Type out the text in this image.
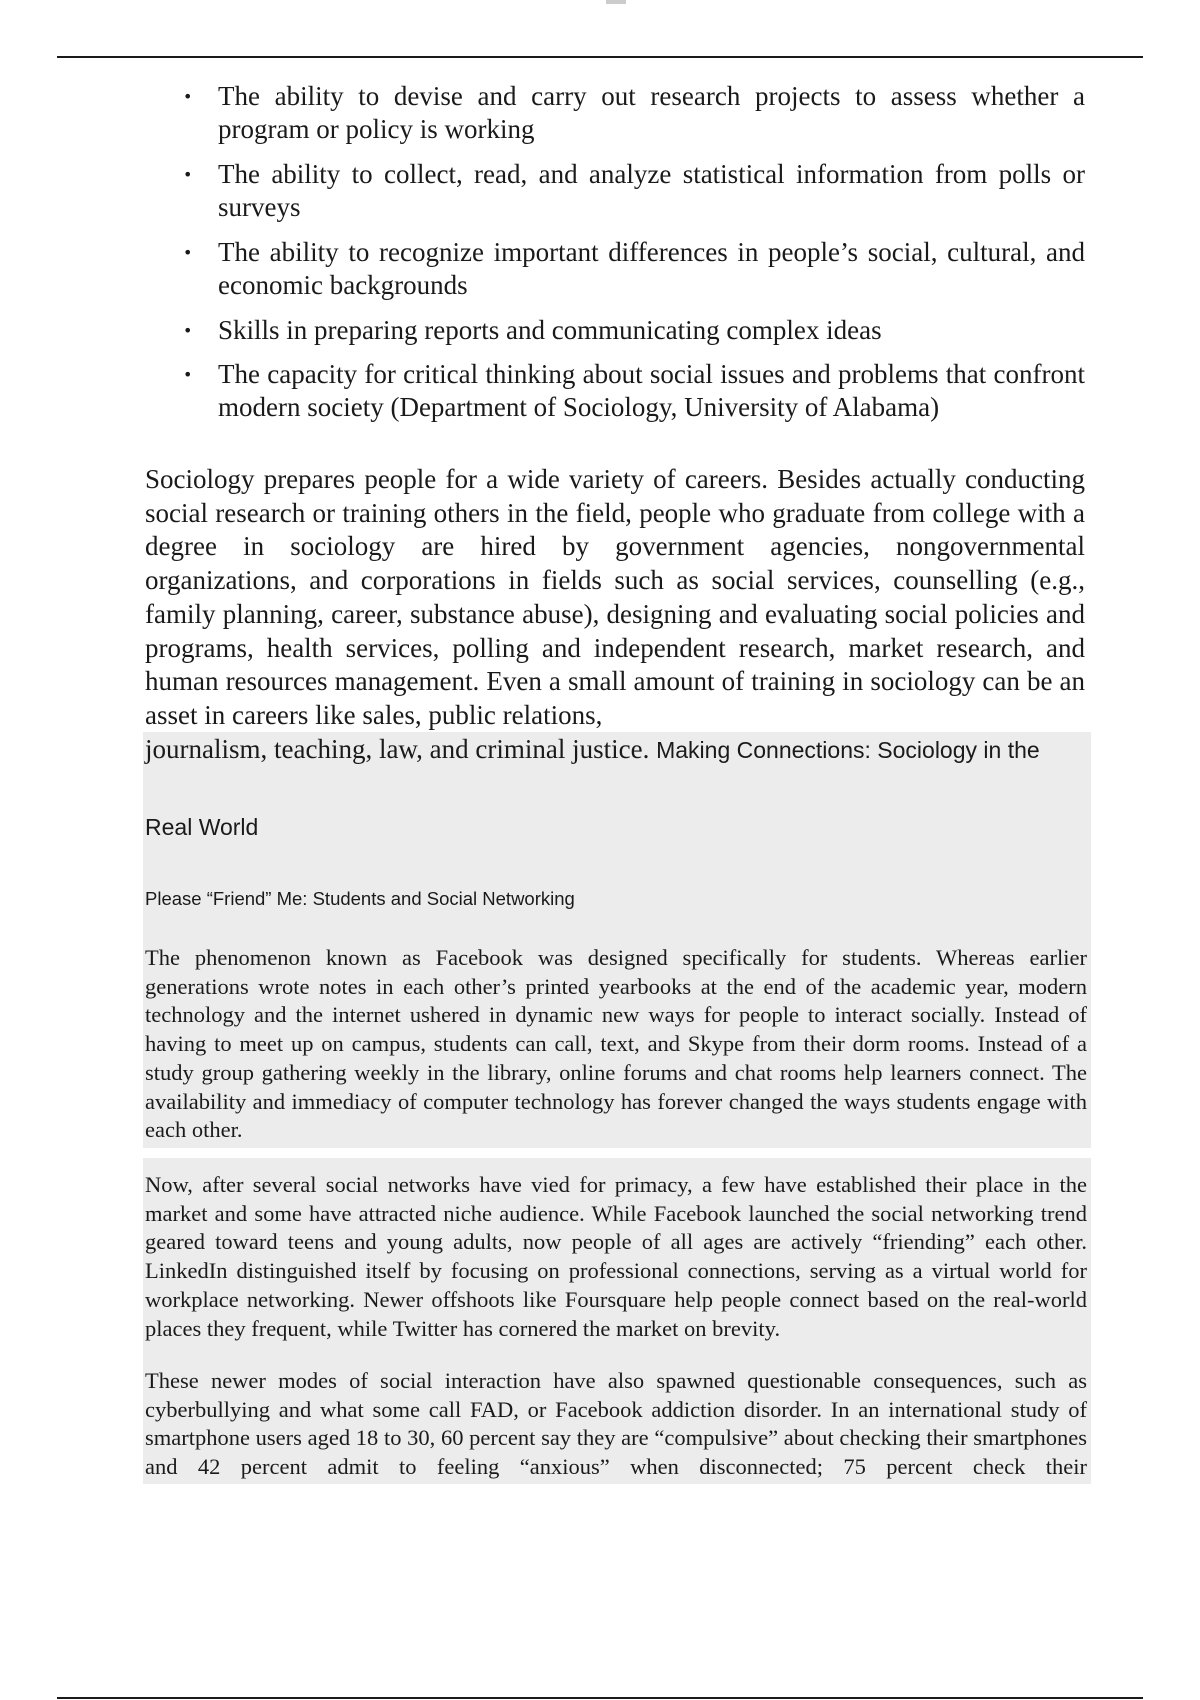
• The ability to devise and carry out research projects to assess whether a program or policy is working
• The ability to collect, read, and analyze statistical information from polls or surveys
• The ability to recognize important differences in people’s social, cultural, and economic backgrounds
• Skills in preparing reports and communicating complex ideas
• The capacity for critical thinking about social issues and problems that confront modern society (Department of Sociology, University of Alabama)

Sociology prepares people for a wide variety of careers. Besides actually conducting social research or training others in the field, people who graduate from college with a degree in sociology are hired by government agencies, nongovernmental organizations, and corporations in fields such as social services, counselling (e.g., family planning, career, substance abuse), designing and evaluating social policies and programs, health services, polling and independent research, market research, and human resources management. Even a small amount of training in sociology can be an asset in careers like sales, public relations,

journalism, teaching, law, and criminal justice. Making Connections: Sociology in the
Real World
Please “Friend” Me: Students and Social Networking

The phenomenon known as Facebook was designed specifically for students. Whereas earlier generations wrote notes in each other’s printed yearbooks at the end of the academic year, modern technology and the internet ushered in dynamic new ways for people to interact socially. Instead of having to meet up on campus, students can call, text, and Skype from their dorm rooms. Instead of a study group gathering weekly in the library, online forums and chat rooms help learners connect. The availability and immediacy of computer technology has forever changed the ways students engage with each other.

Now, after several social networks have vied for primacy, a few have established their place in the market and some have attracted niche audience. While Facebook launched the social networking trend geared toward teens and young adults, now people of all ages are actively “friending” each other. LinkedIn distinguished itself by focusing on professional connections, serving as a virtual world for workplace networking. Newer offshoots like Foursquare help people connect based on the real-world places they frequent, while Twitter has cornered the market on brevity.

These newer modes of social interaction have also spawned questionable consequences, such as cyberbullying and what some call FAD, or Facebook addiction disorder. In an international study of smartphone users aged 18 to 30, 60 percent say they are “compulsive” about checking their smartphones and 42 percent admit to feeling “anxious” when disconnected; 75 percent check their
